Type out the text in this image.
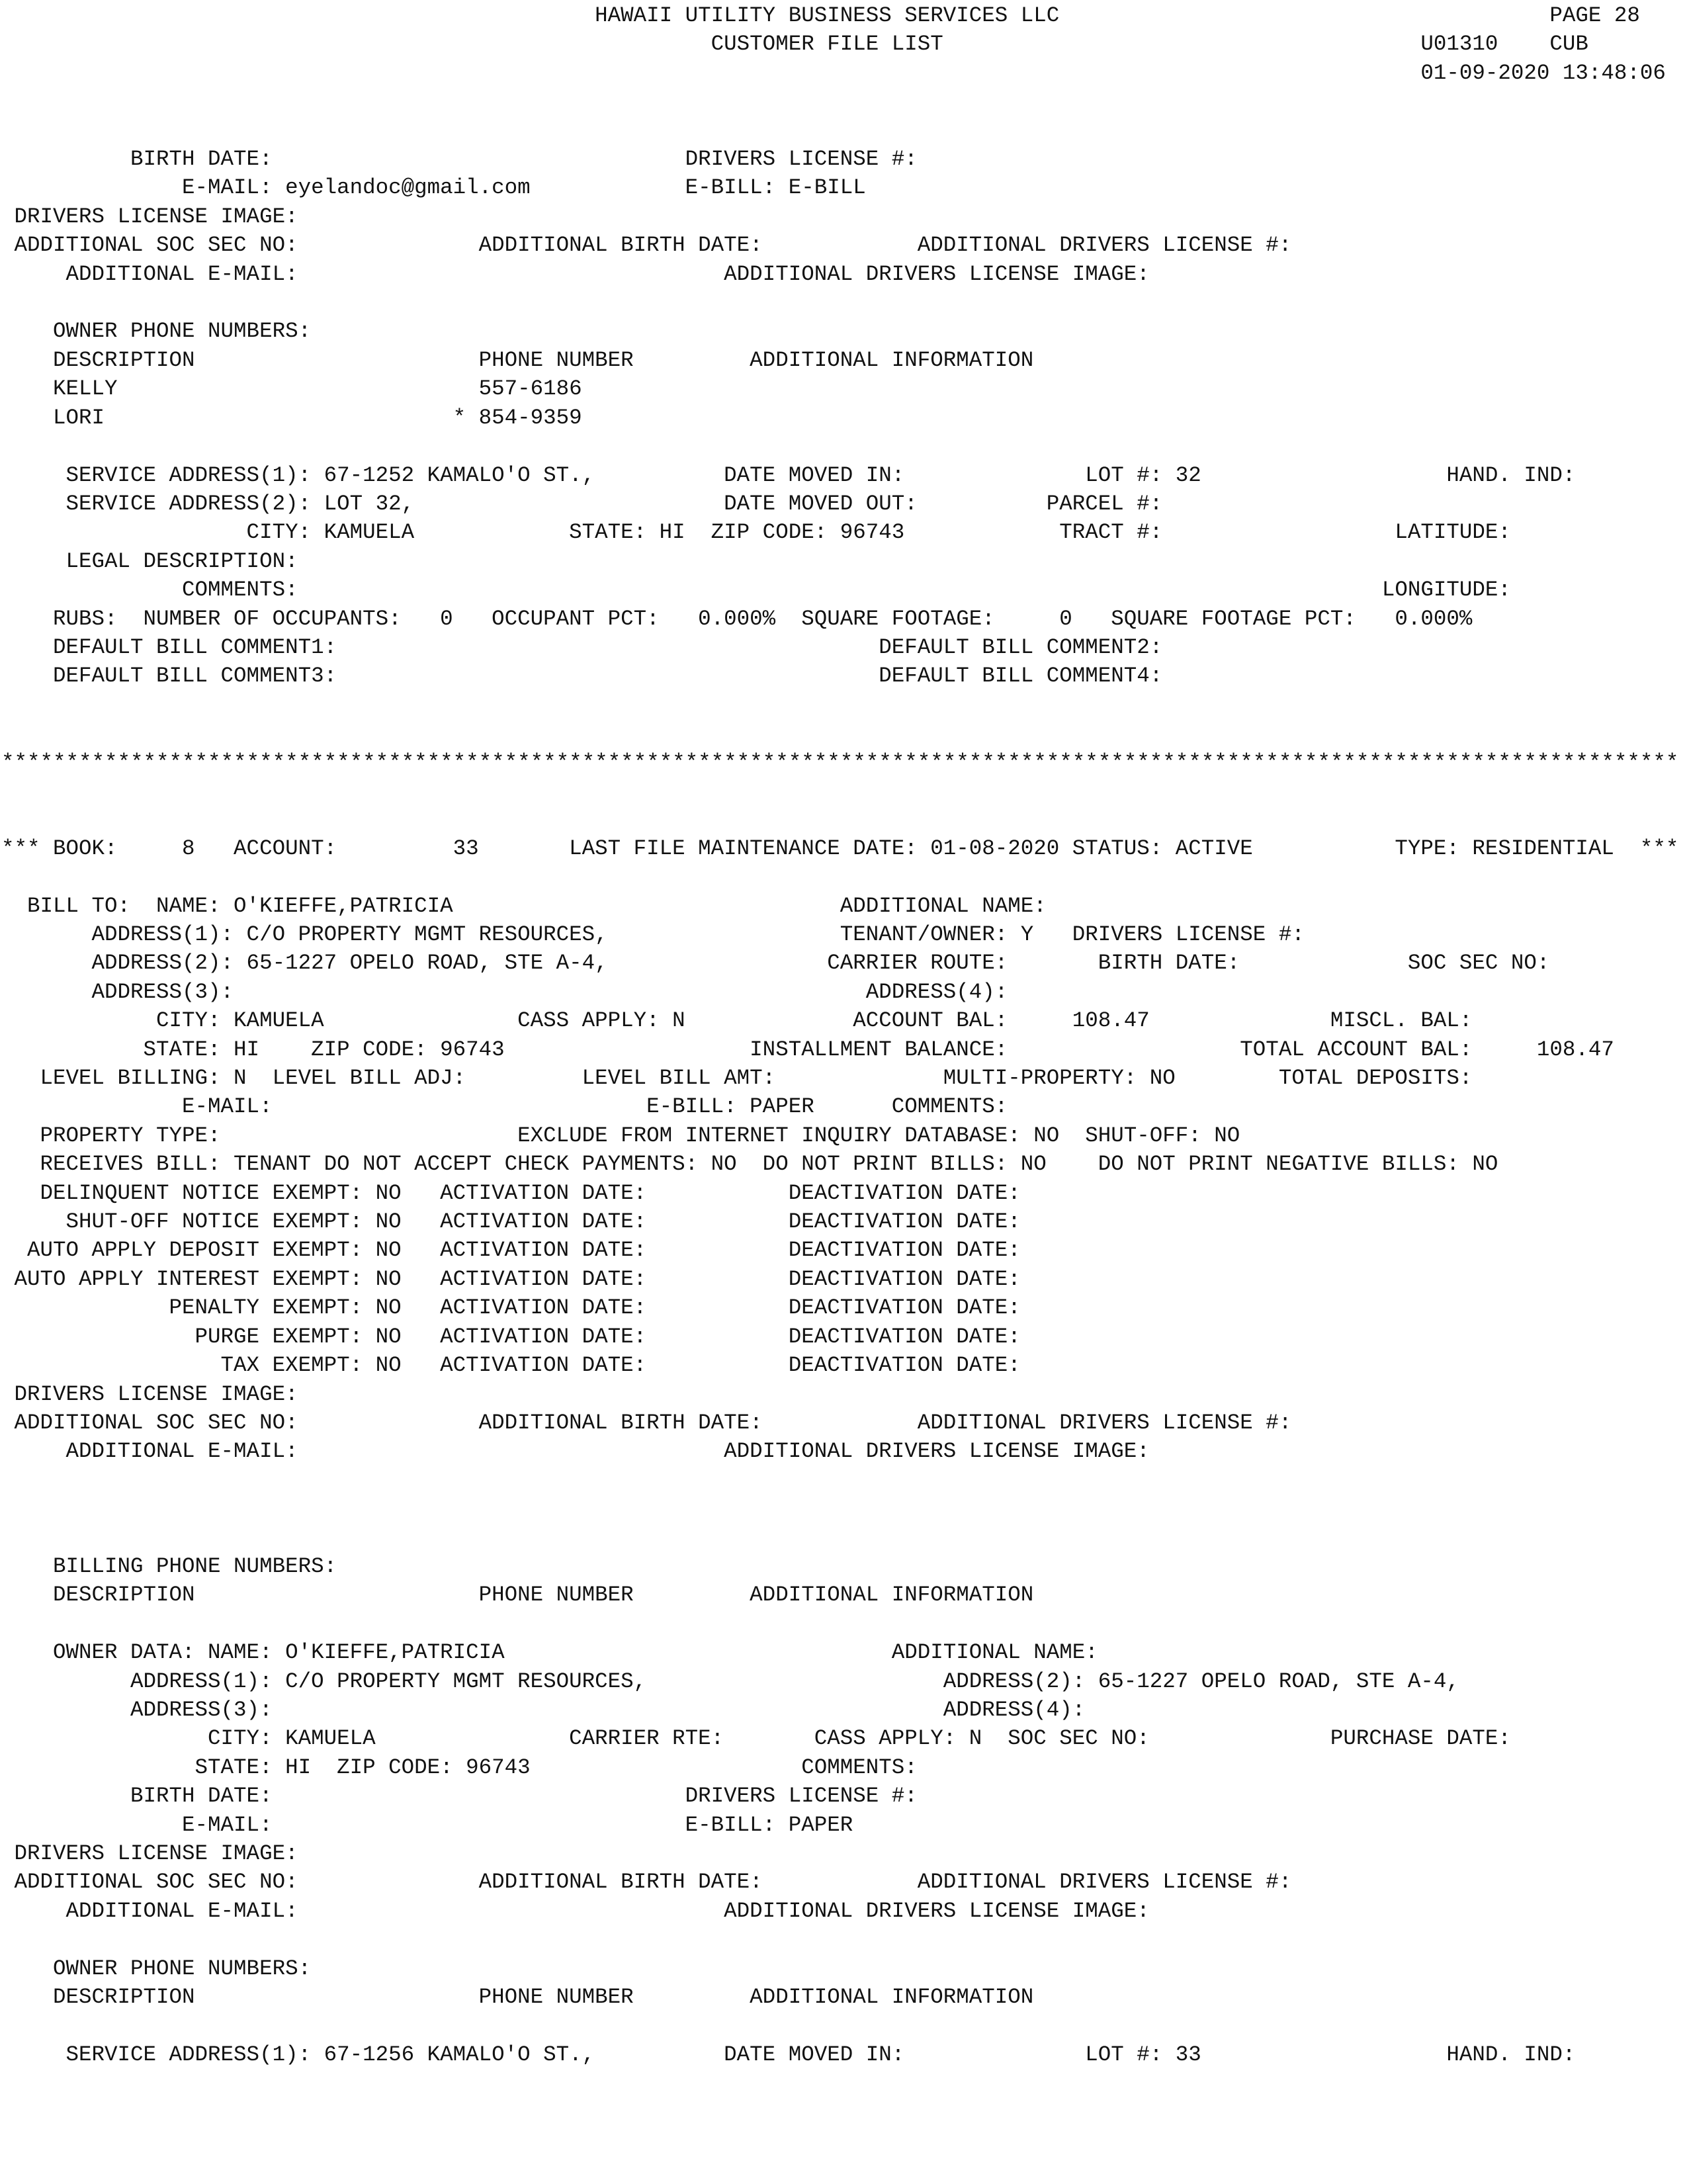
HAWAII UTILITY BUSINESS SERVICES LLC                                      PAGE 28
CUSTOMER FILE LIST                                     U01310    CUB
01-09-2020 13:48:06
BIRTH DATE:                                DRIVERS LICENSE #:
E-MAIL: eyelandoc@gmail.com            E-BILL: E-BILL
DRIVERS LICENSE IMAGE:
ADDITIONAL SOC SEC NO:              ADDITIONAL BIRTH DATE:            ADDITIONAL DRIVERS LICENSE #:
ADDITIONAL E-MAIL:                                 ADDITIONAL DRIVERS LICENSE IMAGE:
OWNER PHONE NUMBERS:
DESCRIPTION                      PHONE NUMBER         ADDITIONAL INFORMATION
KELLY                            557-6186
LORI                           * 854-9359
SERVICE ADDRESS(1): 67-1252 KAMALO'O ST.,          DATE MOVED IN:              LOT #: 32                   HAND. IND:
SERVICE ADDRESS(2): LOT 32,                        DATE MOVED OUT:          PARCEL #:
CITY: KAMUELA            STATE: HI  ZIP CODE: 96743            TRACT #:                  LATITUDE:
LEGAL DESCRIPTION:
COMMENTS:                                                                                    LONGITUDE:
RUBS:  NUMBER OF OCCUPANTS:   0   OCCUPANT PCT:   0.000%  SQUARE FOOTAGE:     0   SQUARE FOOTAGE PCT:   0.000%
DEFAULT BILL COMMENT1:                                          DEFAULT BILL COMMENT2:
DEFAULT BILL COMMENT3:                                          DEFAULT BILL COMMENT4:
**********************************************************************************************************************************
*** BOOK:     8   ACCOUNT:         33       LAST FILE MAINTENANCE DATE: 01-08-2020 STATUS: ACTIVE           TYPE: RESIDENTIAL  ***
BILL TO:  NAME: O'KIEFFE,PATRICIA                              ADDITIONAL NAME:
ADDRESS(1): C/O PROPERTY MGMT RESOURCES,                  TENANT/OWNER: Y   DRIVERS LICENSE #:
ADDRESS(2): 65-1227 OPELO ROAD, STE A-4,                 CARRIER ROUTE:       BIRTH DATE:             SOC SEC NO:
ADDRESS(3):                                                 ADDRESS(4):
CITY: KAMUELA               CASS APPLY: N             ACCOUNT BAL:     108.47              MISCL. BAL:
STATE: HI    ZIP CODE: 96743                   INSTALLMENT BALANCE:                  TOTAL ACCOUNT BAL:     108.47
LEVEL BILLING: N  LEVEL BILL ADJ:         LEVEL BILL AMT:             MULTI-PROPERTY: NO        TOTAL DEPOSITS:
E-MAIL:                             E-BILL: PAPER      COMMENTS:
PROPERTY TYPE:                       EXCLUDE FROM INTERNET INQUIRY DATABASE: NO  SHUT-OFF: NO
RECEIVES BILL: TENANT DO NOT ACCEPT CHECK PAYMENTS: NO  DO NOT PRINT BILLS: NO    DO NOT PRINT NEGATIVE BILLS: NO
DELINQUENT NOTICE EXEMPT: NO   ACTIVATION DATE:           DEACTIVATION DATE:
SHUT-OFF NOTICE EXEMPT: NO   ACTIVATION DATE:           DEACTIVATION DATE:
AUTO APPLY DEPOSIT EXEMPT: NO   ACTIVATION DATE:           DEACTIVATION DATE:
AUTO APPLY INTEREST EXEMPT: NO   ACTIVATION DATE:           DEACTIVATION DATE:
PENALTY EXEMPT: NO   ACTIVATION DATE:           DEACTIVATION DATE:
PURGE EXEMPT: NO   ACTIVATION DATE:           DEACTIVATION DATE:
TAX EXEMPT: NO   ACTIVATION DATE:           DEACTIVATION DATE:
DRIVERS LICENSE IMAGE:
ADDITIONAL SOC SEC NO:              ADDITIONAL BIRTH DATE:            ADDITIONAL DRIVERS LICENSE #:
ADDITIONAL E-MAIL:                                 ADDITIONAL DRIVERS LICENSE IMAGE:
BILLING PHONE NUMBERS:
DESCRIPTION                      PHONE NUMBER         ADDITIONAL INFORMATION
OWNER DATA: NAME: O'KIEFFE,PATRICIA                              ADDITIONAL NAME:
ADDRESS(1): C/O PROPERTY MGMT RESOURCES,                       ADDRESS(2): 65-1227 OPELO ROAD, STE A-4,
ADDRESS(3):                                                    ADDRESS(4):
CITY: KAMUELA               CARRIER RTE:       CASS APPLY: N  SOC SEC NO:              PURCHASE DATE:
STATE: HI  ZIP CODE: 96743                     COMMENTS:
BIRTH DATE:                                DRIVERS LICENSE #:
E-MAIL:                                E-BILL: PAPER
DRIVERS LICENSE IMAGE:
ADDITIONAL SOC SEC NO:              ADDITIONAL BIRTH DATE:            ADDITIONAL DRIVERS LICENSE #:
ADDITIONAL E-MAIL:                                 ADDITIONAL DRIVERS LICENSE IMAGE:
OWNER PHONE NUMBERS:
DESCRIPTION                      PHONE NUMBER         ADDITIONAL INFORMATION
SERVICE ADDRESS(1): 67-1256 KAMALO'O ST.,          DATE MOVED IN:              LOT #: 33                   HAND. IND:
